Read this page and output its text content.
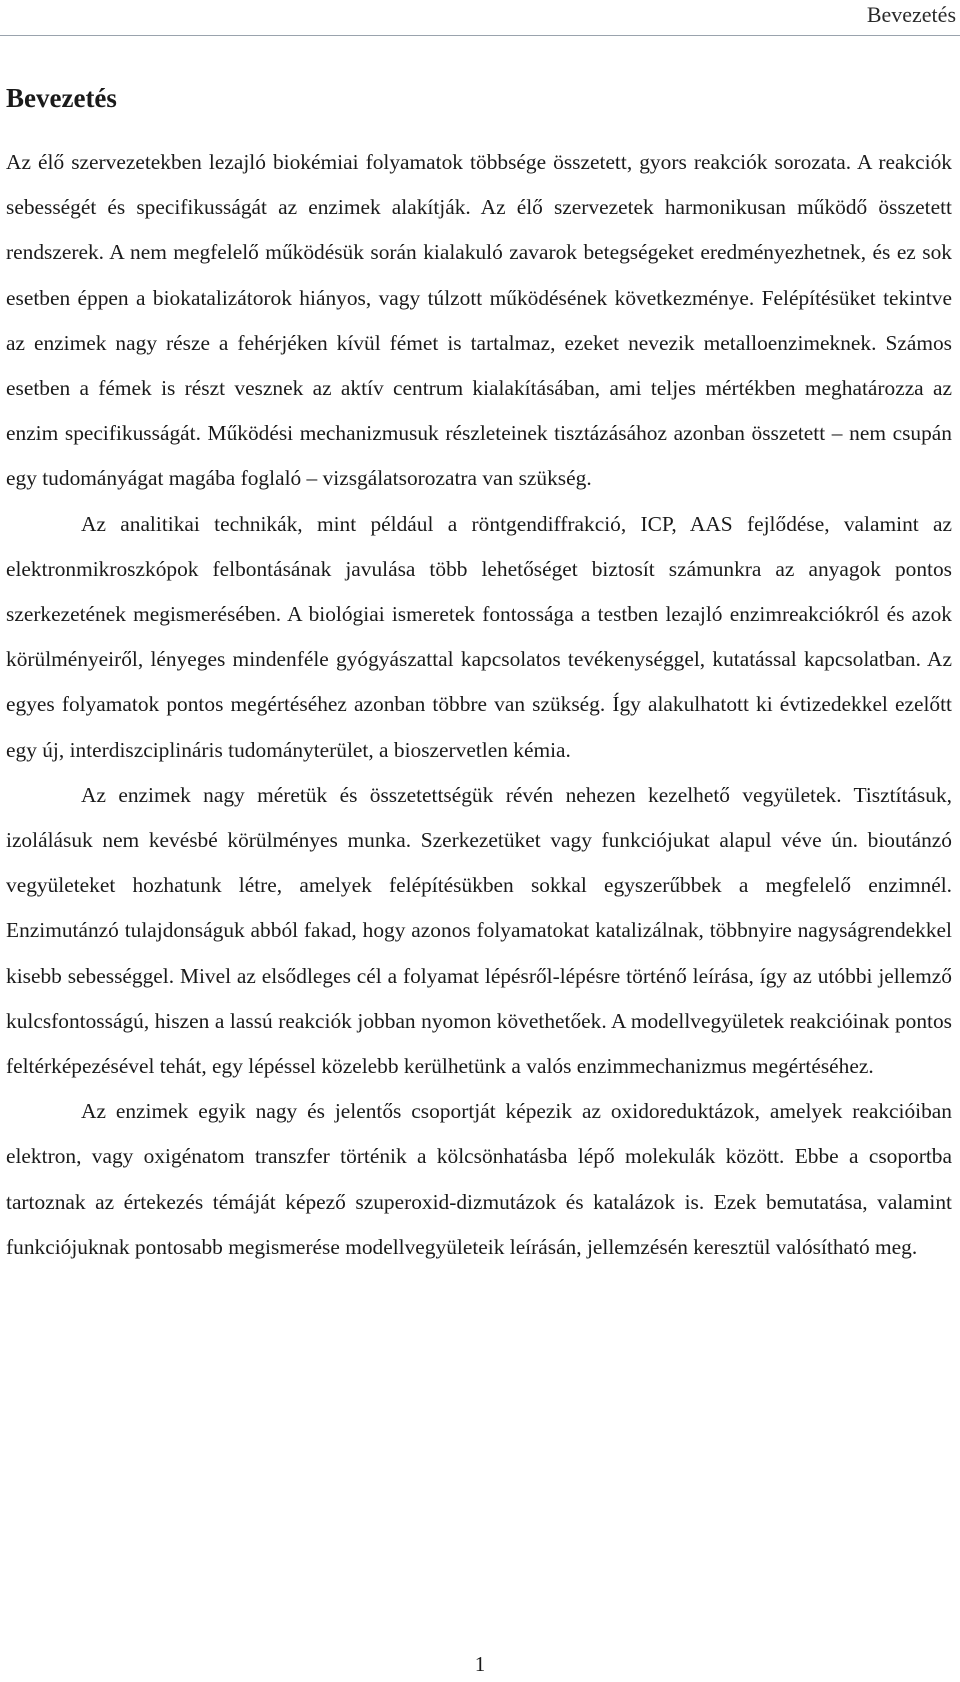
Bevezetés
Bevezetés

Az élő szervezetekben lezajló biokémiai folyamatok többsége összetett, gyors reakciók sorozata. A reakciók sebességét és specifikusságát az enzimek alakítják. Az élő szervezetek harmonikusan működő összetett rendszerek. A nem megfelelő működésük során kialakuló zavarok betegségeket eredményezhetnek, és ez sok esetben éppen a biokatalizátorok hiányos, vagy túlzott működésének következménye. Felépítésüket tekintve az enzimek nagy része a fehérjéken kívül fémet is tartalmaz, ezeket nevezik metalloenzimeknek. Számos esetben a fémek is részt vesznek az aktív centrum kialakításában, ami teljes mértékben meghatározza az enzim specifikusságát. Működési mechanizmusuk részleteinek tisztázásához azonban összetett – nem csupán egy tudományágat magába foglaló – vizsgálatsorozatra van szükség.

Az analitikai technikák, mint például a röntgendiffrakció, ICP, AAS fejlődése, valamint az elektronmikroszkópok felbontásának javulása több lehetőséget biztosít számunkra az anyagok pontos szerkezetének megismerésében. A biológiai ismeretek fontossága a testben lezajló enzimreakciókról és azok körülményeiről, lényeges mindenféle gyógyászattal kapcsolatos tevékenységgel, kutatással kapcsolatban. Az egyes folyamatok pontos megértéséhez azonban többre van szükség. Így alakulhatott ki évtizedekkel ezelőtt egy új, interdiszciplináris tudományterület, a bioszervetlen kémia.

Az enzimek nagy méretük és összetettségük révén nehezen kezelhető vegyületek. Tisztításuk, izolálásuk nem kevésbé körülményes munka. Szerkezetüket vagy funkciójukat alapul véve ún. bioutánzó vegyületeket hozhatunk létre, amelyek felépítésükben sokkal egyszerűbbek a megfelelő enzimnél. Enzimutánzó tulajdonságuk abból fakad, hogy azonos folyamatokat katalizálnak, többnyire nagyságrendekkel kisebb sebességgel. Mivel az elsődleges cél a folyamat lépésről-lépésre történő leírása, így az utóbbi jellemző kulcsfontosságú, hiszen a lassú reakciók jobban nyomon követhetőek. A modellvegyületek reakcióinak pontos feltérképezésével tehát, egy lépéssel közelebb kerülhetünk a valós enzimmechanizmus megértéséhez.

Az enzimek egyik nagy és jelentős csoportját képezik az oxidoreduktázok, amelyek reakcióiban elektron, vagy oxigénatom transzfer történik a kölcsönhatásba lépő molekulák között. Ebbe a csoportba tartoznak az értekezés témáját képező szuperoxid-dizmutázok és katalázok is. Ezek bemutatása, valamint funkciójuknak pontosabb megismerése modellvegyületeik leírásán, jellemzésén keresztül valósítható meg.

1
